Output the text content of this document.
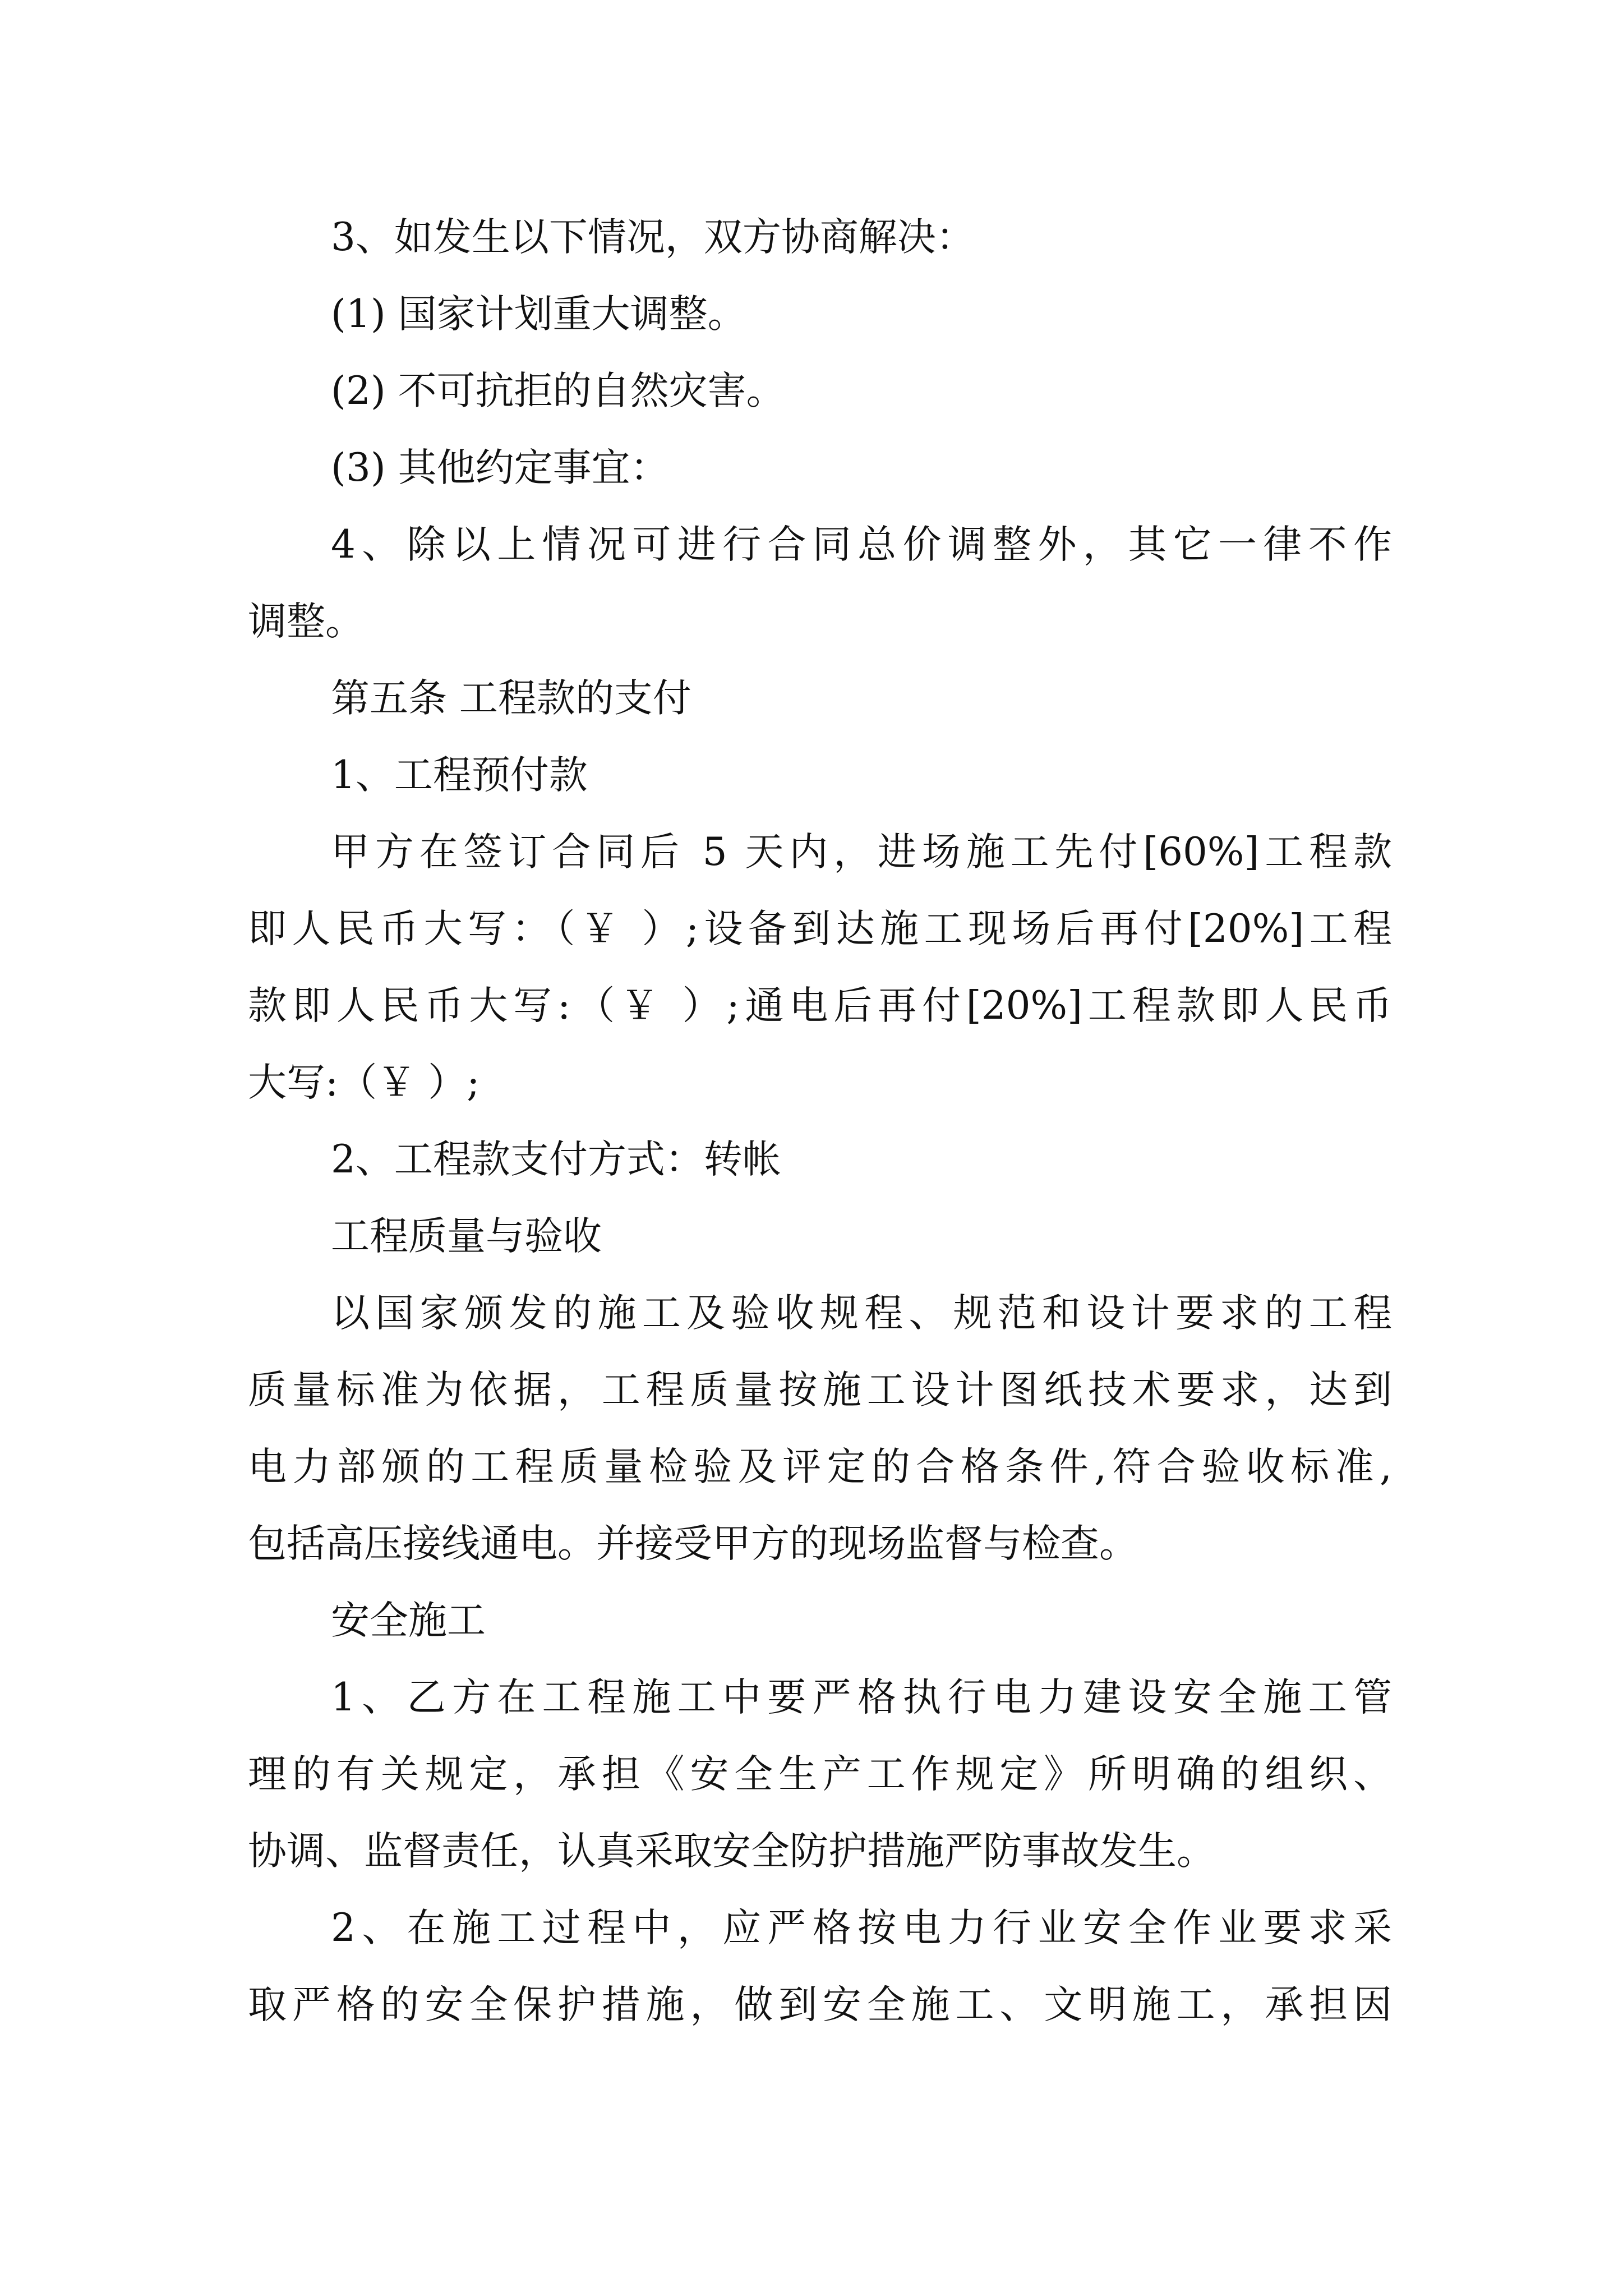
3、如发生以下情况，双方协商解决：
(1) 国家计划重大调整。
(2) 不可抗拒的自然灾害。
(3) 其他约定事宜：
4、除以上情况可进行合同总价调整外，其它一律不作
调整。
第五条 工程款的支付
1、工程预付款
甲方在签订合同后 5 天内，进场施工先付[60%]工程款
即人民币大写：（￥ ）;设备到达施工现场后再付[20%]工程
款即人民币大写:（￥ ）;通电后再付[20%]工程款即人民币
大写:（￥ ）;
2、工程款支付方式：转帐
工程质量与验收
以国家颁发的施工及验收规程、规范和设计要求的工程
质量标准为依据，工程质量按施工设计图纸技术要求，达到
电力部颁的工程质量检验及评定的合格条件,符合验收标准,
包括高压接线通电。并接受甲方的现场监督与检查。
安全施工
1、乙方在工程施工中要严格执行电力建设安全施工管
理的有关规定，承担《安全生产工作规定》所明确的组织、
协调、监督责任，认真采取安全防护措施严防事故发生。
2、在施工过程中，应严格按电力行业安全作业要求采
取严格的安全保护措施，做到安全施工、文明施工，承担因
